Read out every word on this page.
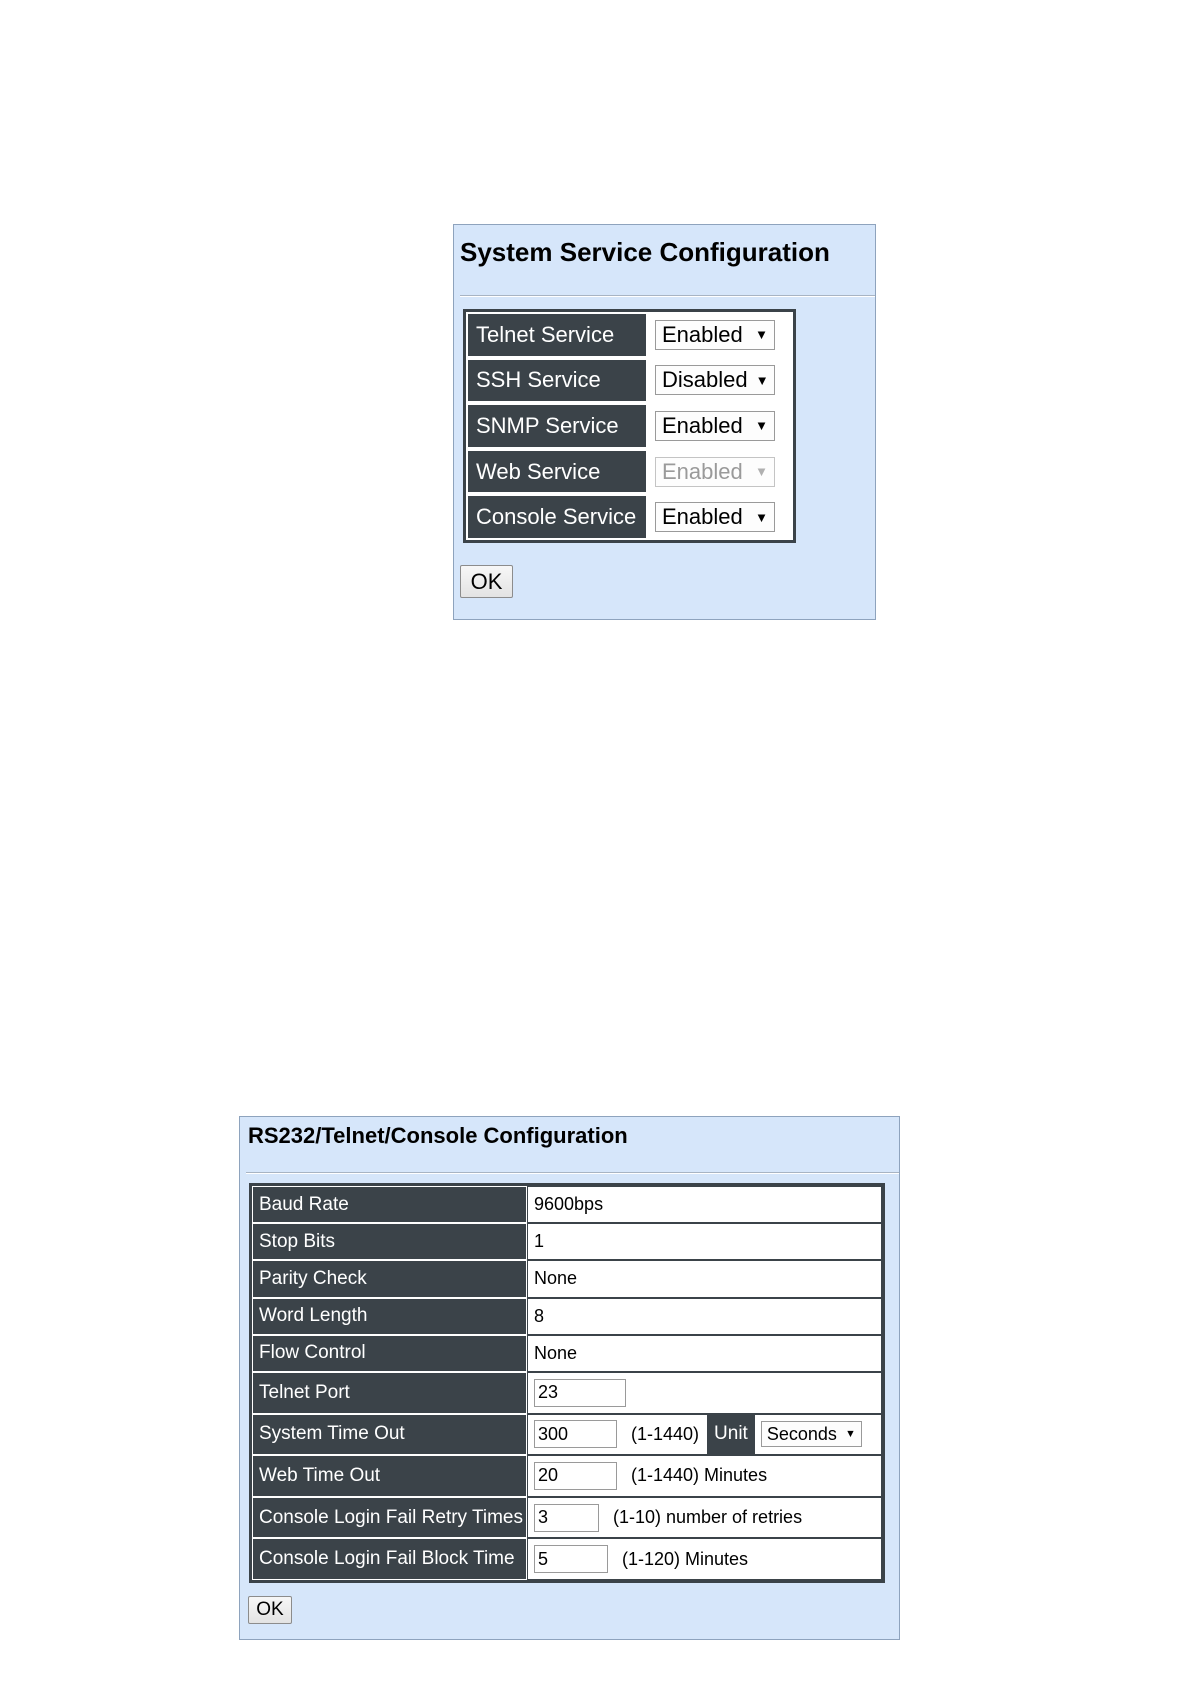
System Service Configuration
Telnet Service	Enabled ▼
SSH Service	Disabled ▼
SNMP Service	Enabled ▼
Web Service	Enabled ▼
Console Service	Enabled ▼
OK
RS232/Telnet/Console Configuration
Baud Rate	9600bps
Stop Bits	1
Parity Check	None
Word Length	8
Flow Control	None
Telnet Port	23
System Time Out	300	(1-1440) Unit	Seconds ▼
Web Time Out	20	(1-1440) Minutes
Console Login Fail Retry Times 3	(1-10) number of retries
Console Login Fail Block Time	5	(1-120) Minutes
OK
